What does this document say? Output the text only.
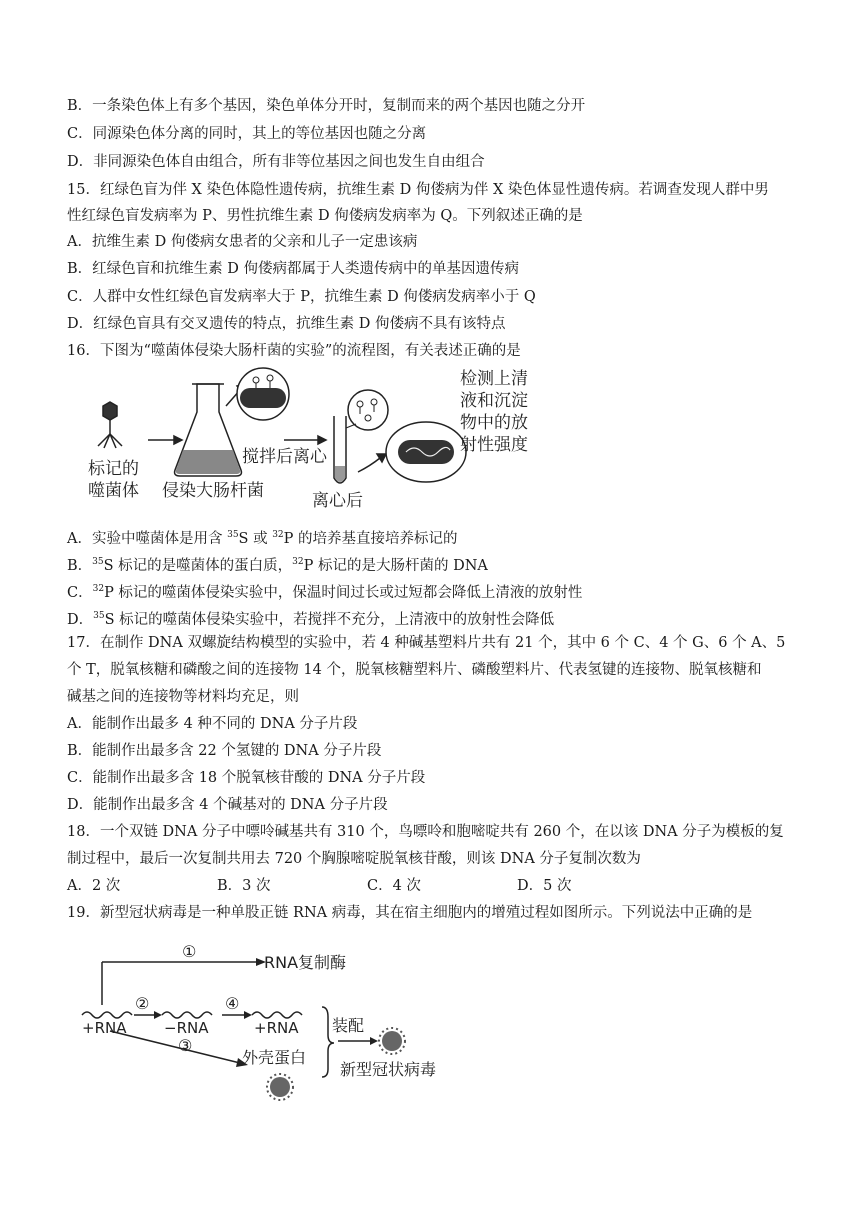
B．一条染色体上有多个基因，染色单体分开时，复制而来的两个基因也随之分开
C．同源染色体分离的同时，其上的等位基因也随之分离
D．非同源染色体自由组合，所有非等位基因之间也发生自由组合
15．红绿色盲为伴 X 染色体隐性遗传病，抗维生素 D 佝偻病为伴 X 染色体显性遗传病。若调查发现人群中男
性红绿色盲发病率为 P、男性抗维生素 D 佝偻病发病率为 Q。下列叙述正确的是
A．抗维生素 D 佝偻病女患者的父亲和儿子一定患该病
B．红绿色盲和抗维生素 D 佝偻病都属于人类遗传病中的单基因遗传病
C．人群中女性红绿色盲发病率大于 P，抗维生素 D 佝偻病发病率小于 Q
D．红绿色盲具有交叉遗传的特点，抗维生素 D 佝偻病不具有该特点
16．下图为“噬菌体侵染大肠杆菌的实验”的流程图，有关表述正确的是
标记的
噬菌体 侵染大肠杆菌
搅拌后离心
离心后
检测上清
液和沉淀
物中的放
射性强度
A．实验中噬菌体是用含 $^{35}$S 或 $^{32}$P 的培养基直接培养标记的
B．$^{35}$S 标记的是噬菌体的蛋白质，$^{32}$P 标记的是大肠杆菌的 DNA
C．$^{32}$P 标记的噬菌体侵染实验中，保温时间过长或过短都会降低上清液的放射性
D．$^{35}$S 标记的噬菌体侵染实验中，若搅拌不充分，上清液中的放射性会降低
17．在制作 DNA 双螺旋结构模型的实验中，若 4 种碱基塑料片共有 21 个，其中 6 个 C、4 个 G、6 个 A、5
个 T，脱氧核糖和磷酸之间的连接物 14 个，脱氧核糖塑料片、磷酸塑料片、代表氢键的连接物、脱氧核糖和
碱基之间的连接物等材料均充足，则
A．能制作出最多 4 种不同的 DNA 分子片段
B．能制作出最多含 22 个氢键的 DNA 分子片段
C．能制作出最多含 18 个脱氧核苷酸的 DNA 分子片段
D．能制作出最多含 4 个碱基对的 DNA 分子片段
18．一个双链 DNA 分子中嘌呤碱基共有 310 个，鸟嘌呤和胞嘧啶共有 260 个，在以该 DNA 分子为模板的复
制过程中，最后一次复制共用去 720 个胸腺嘧啶脱氧核苷酸，则该 DNA 分子复制次数为
A．2 次	B．3 次	C．4 次	D．5 次
19．新型冠状病毒是一种单股正链 RNA 病毒，其在宿主细胞内的增殖过程如图所示。下列说法中正确的是
①
②	④
③
RNA复制酶
+RNA	−RNA	+RNA 装配
外壳蛋白
新型冠状病毒
